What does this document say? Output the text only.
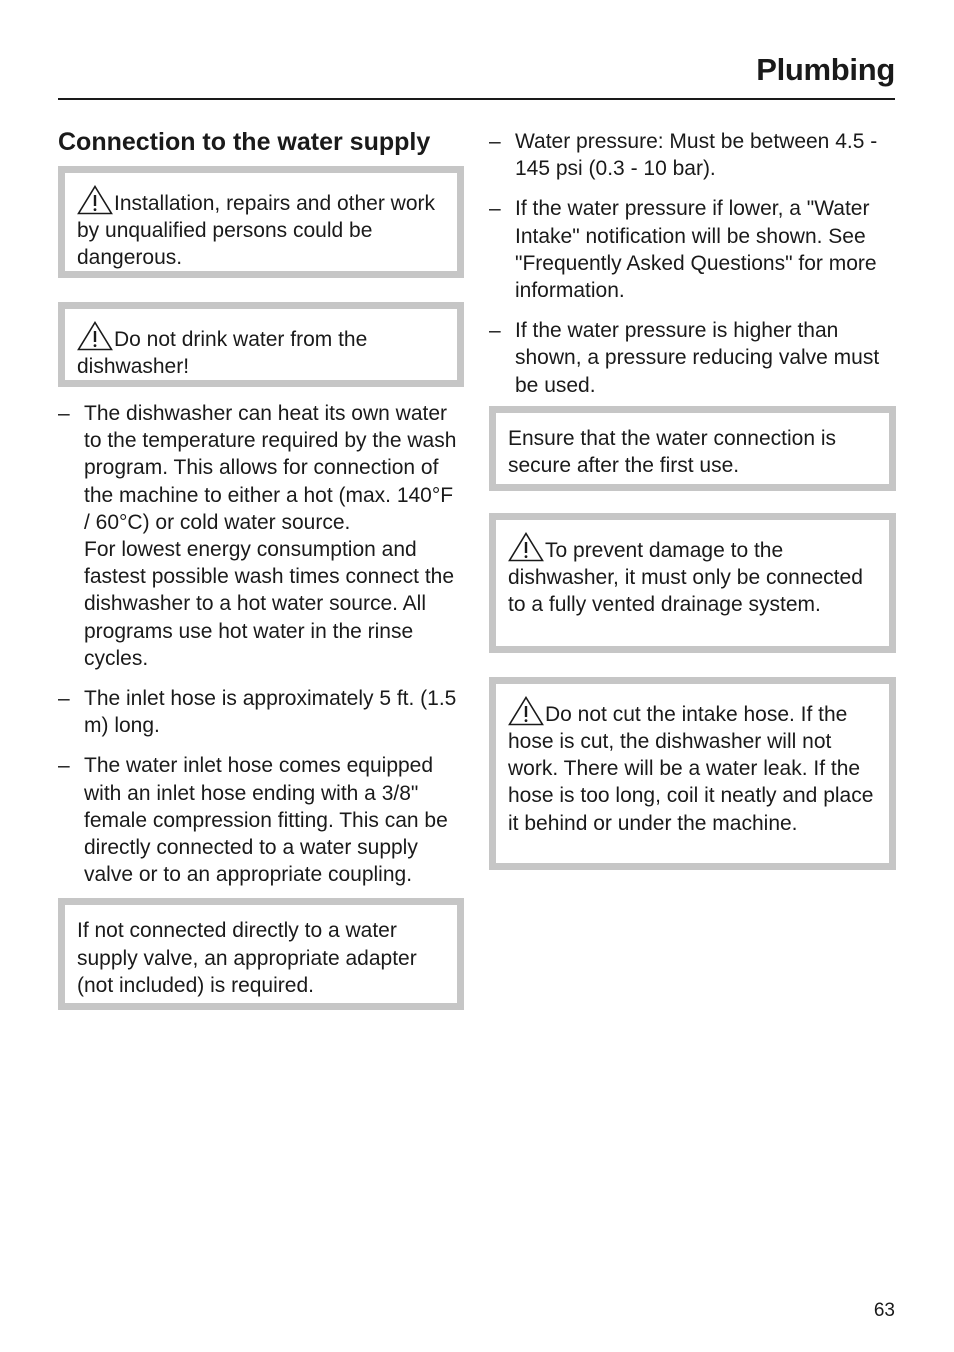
Plumbing
Connection to the water supply
Installation, repairs and other work by unqualified persons could be dangerous.
Do not drink water from the dishwasher!
– The dishwasher can heat its own water to the temperature required by the wash program. This allows for connection of the machine to either a hot (max. 140°F / 60°C) or cold water source.
For lowest energy consumption and fastest possible wash times connect the dishwasher to a hot water source. All programs use hot water in the rinse cycles.
– The inlet hose is approximately 5 ft. (1.5 m) long.
– The water inlet hose comes equipped with an inlet hose ending with a 3/8" female compression fitting. This can be directly connected to a water supply valve or to an appropriate coupling.
If not connected directly to a water supply valve, an appropriate adapter (not included) is required.
– Water pressure: Must be between 4.5 - 145 psi (0.3 - 10 bar).
– If the water pressure if lower, a "Water Intake" notification will be shown. See "Frequently Asked Questions" for more information.
– If the water pressure is higher than shown, a pressure reducing valve must be used.
Ensure that the water connection is secure after the first use.
To prevent damage to the dishwasher, it must only be connected to a fully vented drainage system.
Do not cut the intake hose. If the hose is cut, the dishwasher will not work. There will be a water leak. If the hose is too long, coil it neatly and place it behind or under the machine.
63
